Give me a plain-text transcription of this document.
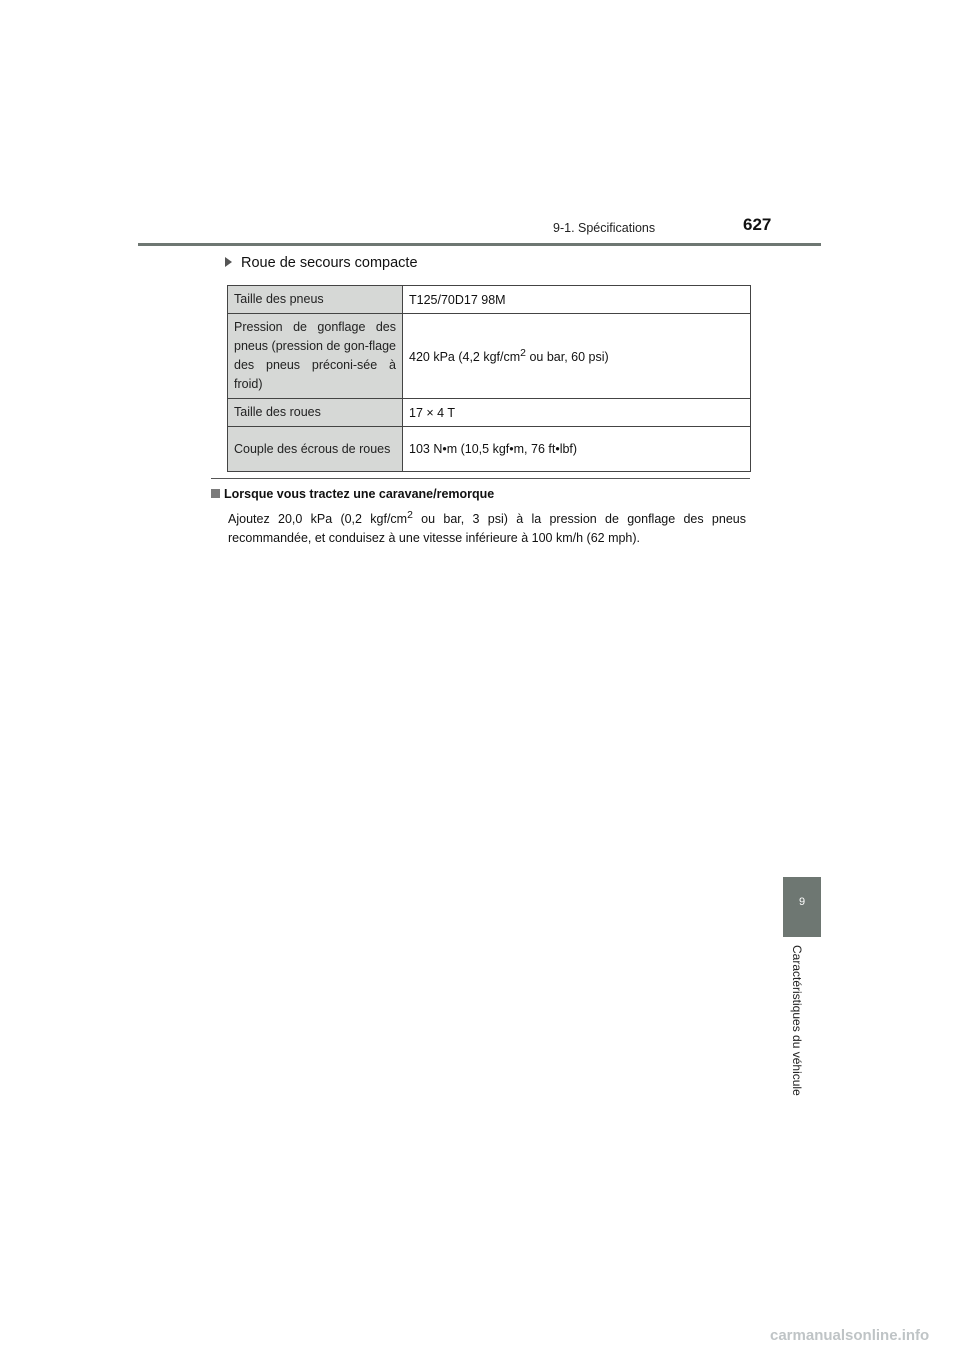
9-1. Spécifications	627
Roue de secours compacte
Taille des pneus	T125/70D17 98M
Pression de gonflage des pneus (pression de gon-flage des pneus préconi-sée à froid)	420 kPa (4,2 kgf/$cm^2$ ou bar, 60 psi)
Taille des roues	17 × 4 T
Couple des écrous de roues	103 N•m (10,5 kgf•m, 76 ft•lbf)
Lorsque vous tractez une caravane/remorque
Ajoutez 20,0 kPa (0,2 kgf/$cm^2$ ou bar, 3 psi) à la pression de gonflage des pneus recommandée, et conduisez à une vitesse inférieure à 100 km/h (62 mph).
9
Caractéristiques du véhicule
carmanualsonline.info
